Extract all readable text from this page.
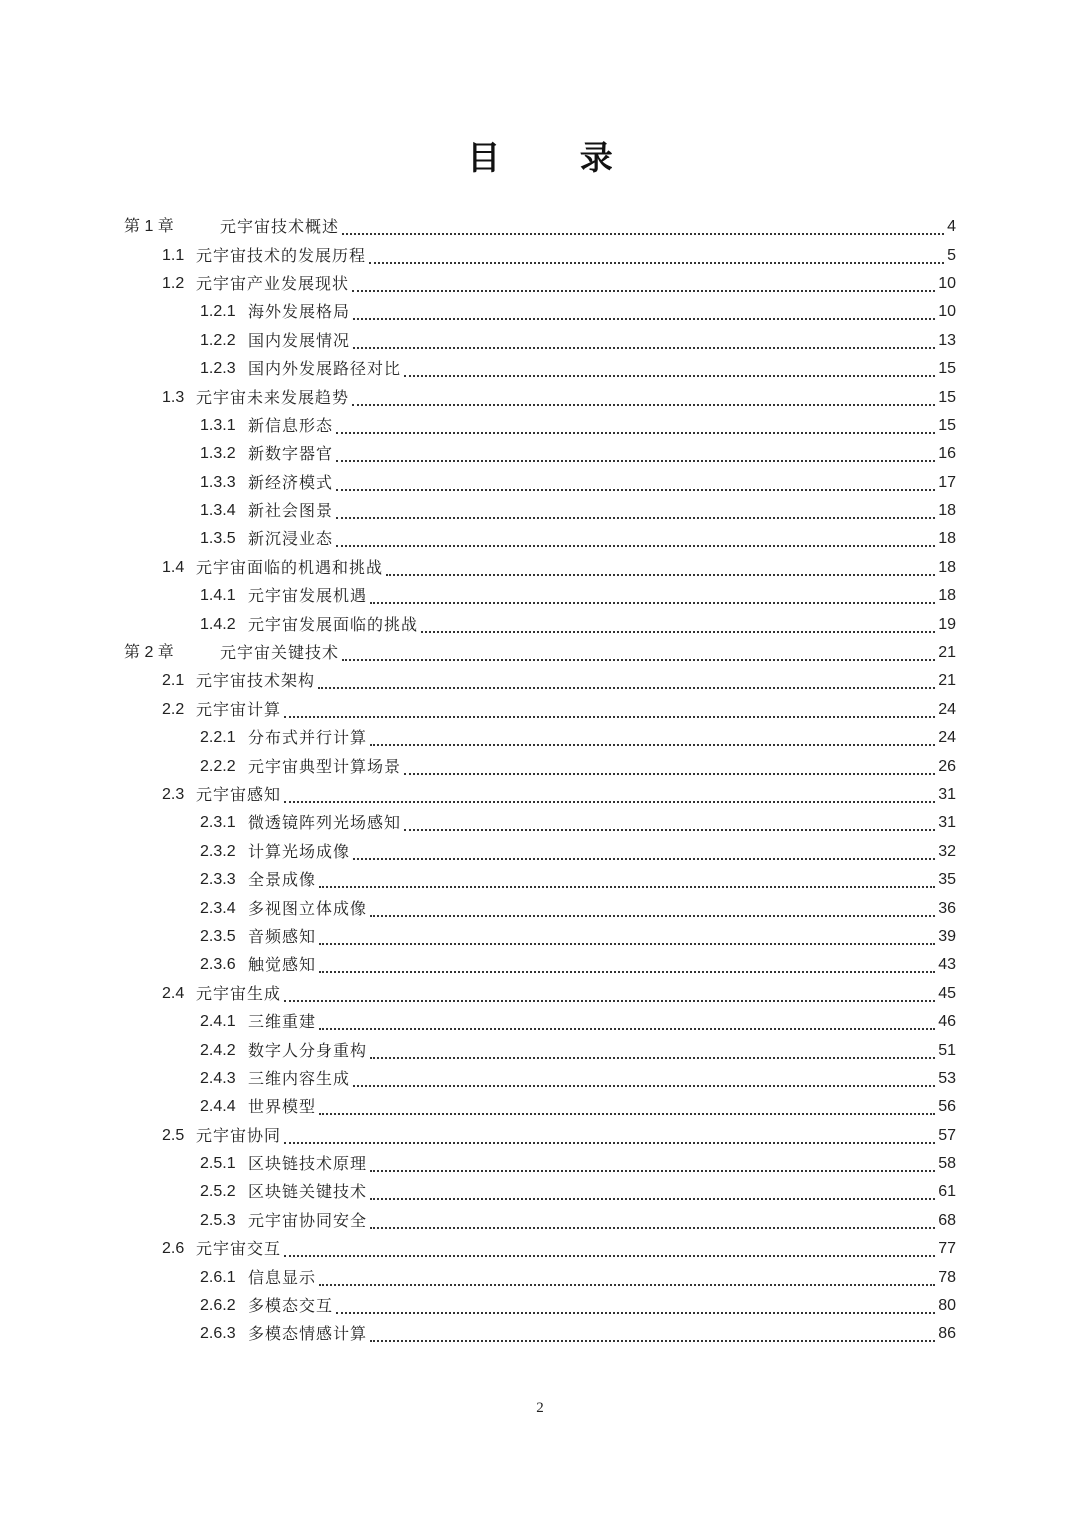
目 录
第 1 章	元宇宙技术概述	4
1.1 元宇宙技术的发展历程	5
1.2 元宇宙产业发展现状	10
1.2.1 海外发展格局	10
1.2.2 国内发展情况	13
1.2.3 国内外发展路径对比	15
1.3 元宇宙未来发展趋势	15
1.3.1 新信息形态	15
1.3.2 新数字器官	16
1.3.3 新经济模式	17
1.3.4 新社会图景	18
1.3.5 新沉浸业态	18
1.4 元宇宙面临的机遇和挑战	18
1.4.1 元宇宙发展机遇	18
1.4.2 元宇宙发展面临的挑战	19
第 2 章	元宇宙关键技术	21
2.1 元宇宙技术架构	21
2.2 元宇宙计算	24
2.2.1 分布式并行计算	24
2.2.2 元宇宙典型计算场景	26
2.3 元宇宙感知	31
2.3.1 微透镜阵列光场感知	31
2.3.2 计算光场成像	32
2.3.3 全景成像	35
2.3.4 多视图立体成像	36
2.3.5 音频感知	39
2.3.6 触觉感知	43
2.4 元宇宙生成	45
2.4.1 三维重建	46
2.4.2 数字人分身重构	51
2.4.3 三维内容生成	53
2.4.4 世界模型	56
2.5 元宇宙协同	57
2.5.1 区块链技术原理	58
2.5.2 区块链关键技术	61
2.5.3 元宇宙协同安全	68
2.6 元宇宙交互	77
2.6.1 信息显示	78
2.6.2 多模态交互	80
2.6.3 多模态情感计算	86
2
